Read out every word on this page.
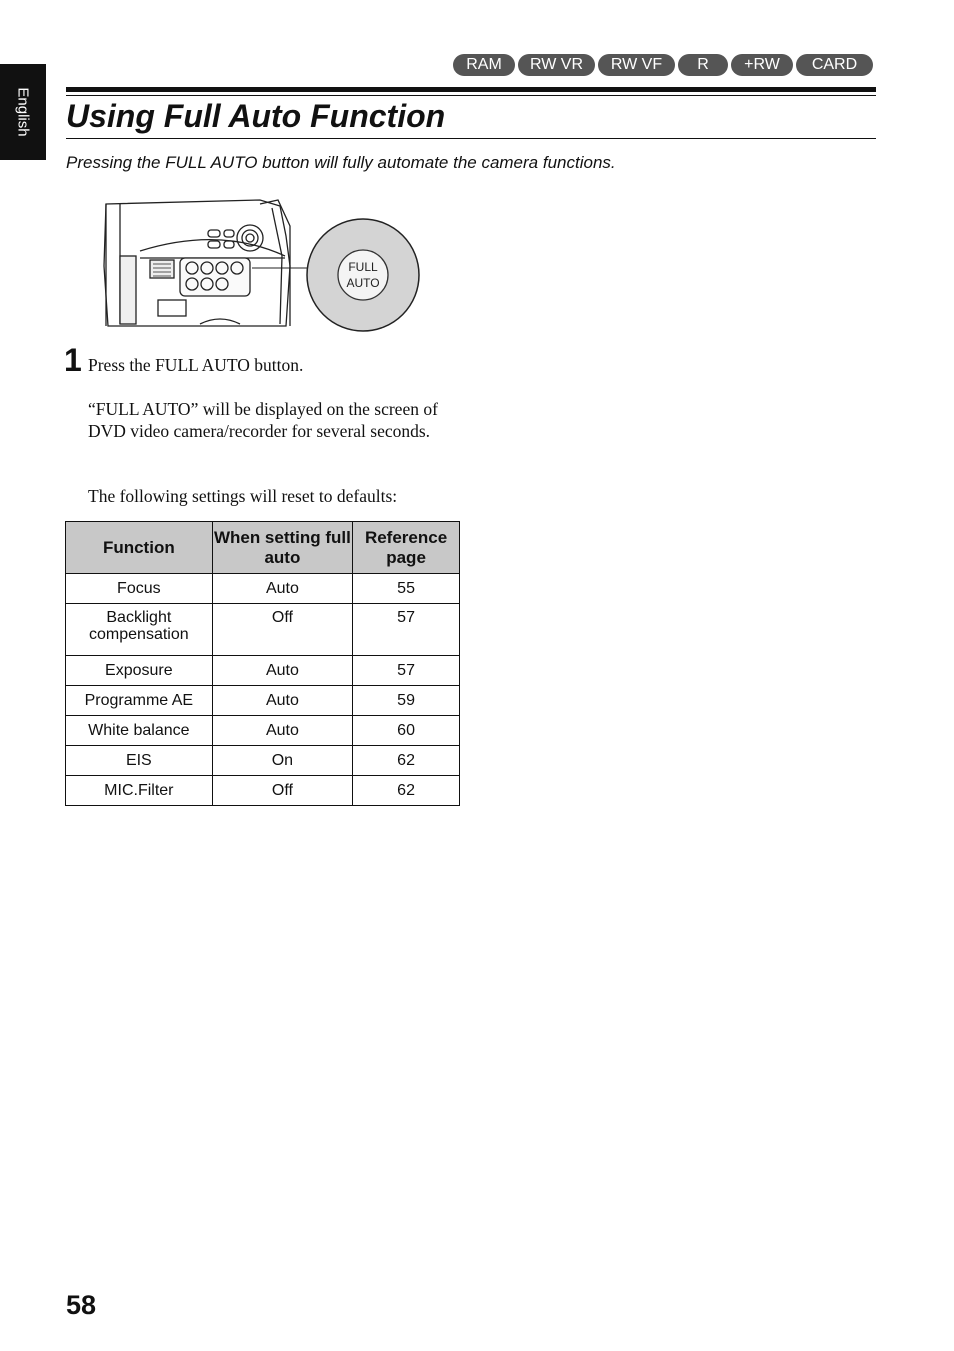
English
RAM	RW VR	RW VF	R	+RW	CARD
Using Full Auto Function

Pressing the FULL AUTO button will fully automate the camera functions.

FULL
AUTO
1 Press the FULL AUTO button.

“FULL AUTO” will be displayed on the screen of DVD video camera/recorder for several seconds.

The following settings will reset to defaults:

Function	When setting full auto	Reference page
Focus	Auto	55
Backlight compensation	Off	57
Exposure	Auto	57
Programme AE	Auto	59
White balance	Auto	60
EIS	On	62
MIC.Filter	Off	62
58
